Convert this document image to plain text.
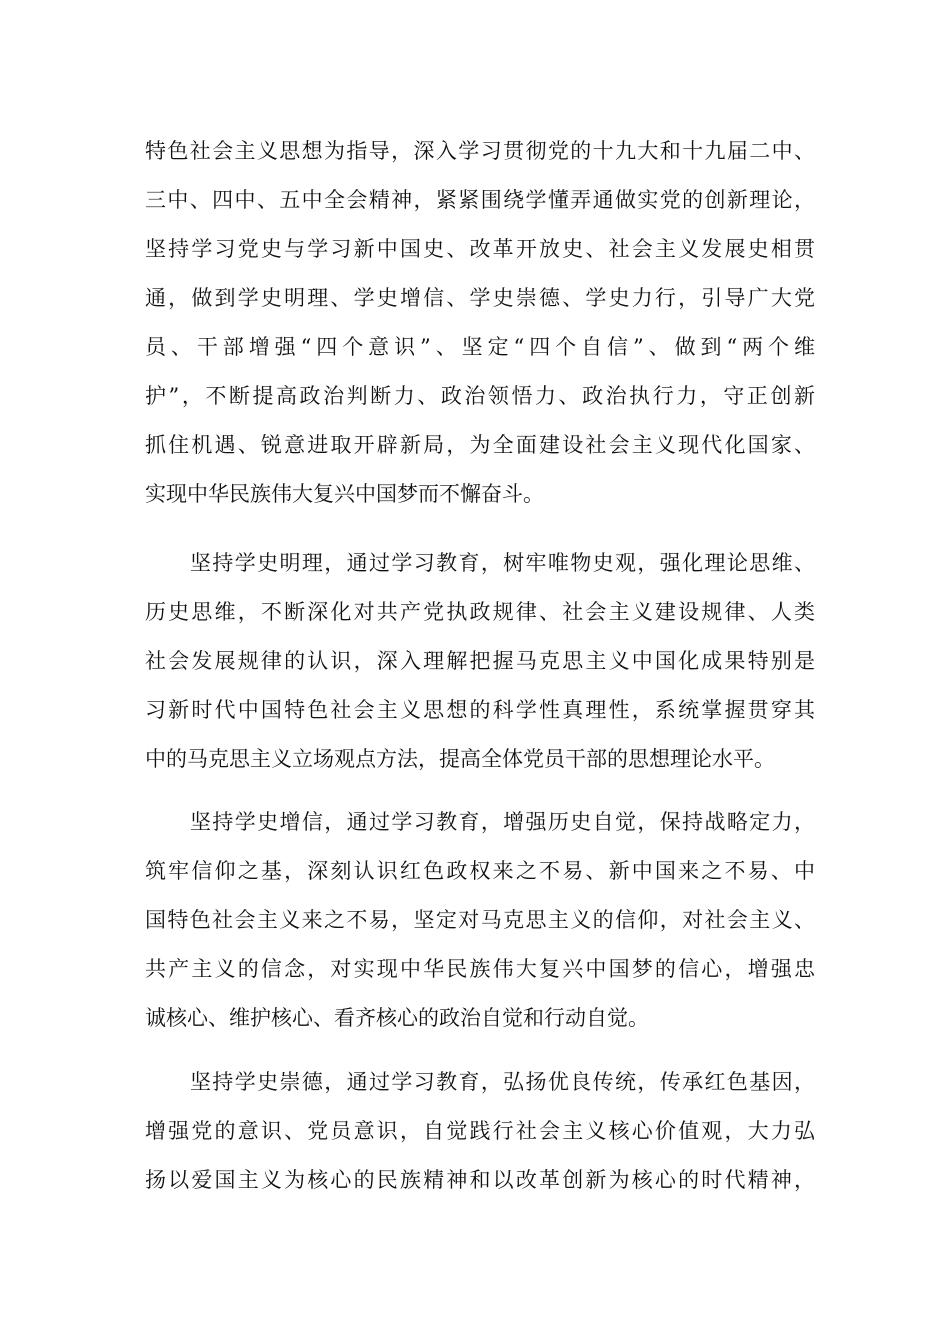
特色社会主义思想为指导，深入学习贯彻党的十九大和十九届二中、
三中、四中、五中全会精神，紧紧围绕学懂弄通做实党的创新理论，
坚持学习党史与学习新中国史、改革开放史、社会主义发展史相贯
通，做到学史明理、学史增信、学史崇德、学史力行，引导广大党
员、干部增强“四个意识”、坚定“四个自信”、做到“两个维
护”，不断提高政治判断力、政治领悟力、政治执行力，守正创新
抓住机遇、锐意进取开辟新局，为全面建设社会主义现代化国家、
实现中华民族伟大复兴中国梦而不懈奋斗。
坚持学史明理，通过学习教育，树牢唯物史观，强化理论思维、
历史思维，不断深化对共产党执政规律、社会主义建设规律、人类
社会发展规律的认识，深入理解把握马克思主义中国化成果特别是
习新时代中国特色社会主义思想的科学性真理性，系统掌握贯穿其
中的马克思主义立场观点方法，提高全体党员干部的思想理论水平。
坚持学史增信，通过学习教育，增强历史自觉，保持战略定力，
筑牢信仰之基，深刻认识红色政权来之不易、新中国来之不易、中
国特色社会主义来之不易，坚定对马克思主义的信仰，对社会主义、
共产主义的信念，对实现中华民族伟大复兴中国梦的信心，增强忠
诚核心、维护核心、看齐核心的政治自觉和行动自觉。
坚持学史崇德，通过学习教育，弘扬优良传统，传承红色基因，
增强党的意识、党员意识，自觉践行社会主义核心价值观，大力弘
扬以爱国主义为核心的民族精神和以改革创新为核心的时代精神，
